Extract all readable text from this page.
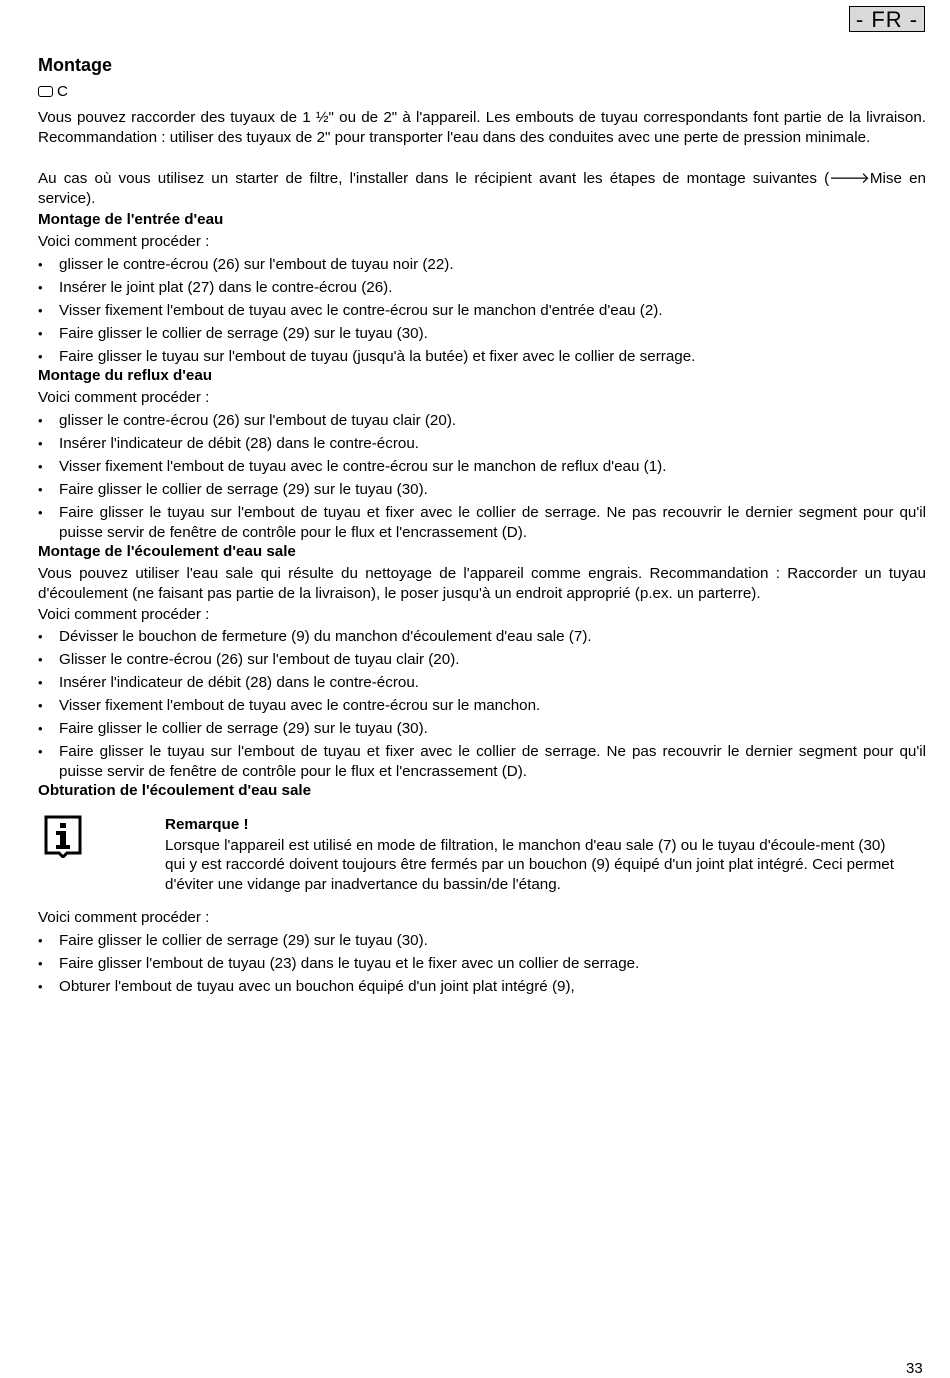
- FR -
Montage
C

Vous pouvez raccorder des tuyaux de 1 ½" ou de 2" à l'appareil. Les embouts de tuyau correspondants font partie de la livraison. Recommandation : utiliser des tuyaux de 2" pour transporter l'eau dans des conduites avec une perte de pression minimale.

Au cas où vous utilisez un starter de filtre, l'installer dans le récipient avant les étapes de montage suivantes (🡒Mise en service).

Montage de l'entrée d'eau
Voici comment procéder :
• glisser le contre-écrou (26) sur l'embout de tuyau noir (22).
• Insérer le joint plat (27) dans le contre-écrou (26).
• Visser fixement l'embout de tuyau avec le contre-écrou sur le manchon d'entrée d'eau (2).
• Faire glisser le collier de serrage (29) sur le tuyau (30).
• Faire glisser le tuyau sur l'embout de tuyau (jusqu'à la butée) et fixer avec le collier de serrage.
Montage du reflux d'eau
Voici comment procéder :
• glisser le contre-écrou (26) sur l'embout de tuyau clair (20).
• Insérer l'indicateur de débit (28) dans le contre-écrou.
• Visser fixement l'embout de tuyau avec le contre-écrou sur le manchon de reflux d'eau (1).
• Faire glisser le collier de serrage (29) sur le tuyau (30).
• Faire glisser le tuyau sur l'embout de tuyau et fixer avec le collier de serrage. Ne pas recouvrir le dernier segment pour qu'il puisse servir de fenêtre de contrôle pour le flux et l'encrassement (D).
Montage de l'écoulement d'eau sale

Vous pouvez utiliser l'eau sale qui résulte du nettoyage de l'appareil comme engrais. Recommandation : Raccorder un tuyau d'écoulement (ne faisant pas partie de la livraison), le poser jusqu'à un endroit approprié (p.ex. un parterre).

Voici comment procéder :
• Dévisser le bouchon de fermeture (9) du manchon d'écoulement d'eau sale (7).
• Glisser le contre-écrou (26) sur l'embout de tuyau clair (20).
• Insérer l'indicateur de débit (28) dans le contre-écrou.
• Visser fixement l'embout de tuyau avec le contre-écrou sur le manchon.
• Faire glisser le collier de serrage (29) sur le tuyau (30).
• Faire glisser le tuyau sur l'embout de tuyau et fixer avec le collier de serrage. Ne pas recouvrir le dernier segment pour qu'il puisse servir de fenêtre de contrôle pour le flux et l'encrassement (D).
Obturation de l'écoulement d'eau sale
Remarque !
Lorsque l'appareil est utilisé en mode de filtration, le manchon d'eau sale (7) ou le tuyau d'écoule-ment (30) qui y est raccordé doivent toujours être fermés par un bouchon (9) équipé d'un joint plat intégré. Ceci permet d'éviter une vidange par inadvertance du bassin/de l'étang.
Voici comment procéder :
• Faire glisser le collier de serrage (29) sur le tuyau (30).
• Faire glisser l'embout de tuyau (23) dans le tuyau et le fixer avec un collier de serrage.
• Obturer l'embout de tuyau avec un bouchon équipé d'un joint plat intégré (9),
33
